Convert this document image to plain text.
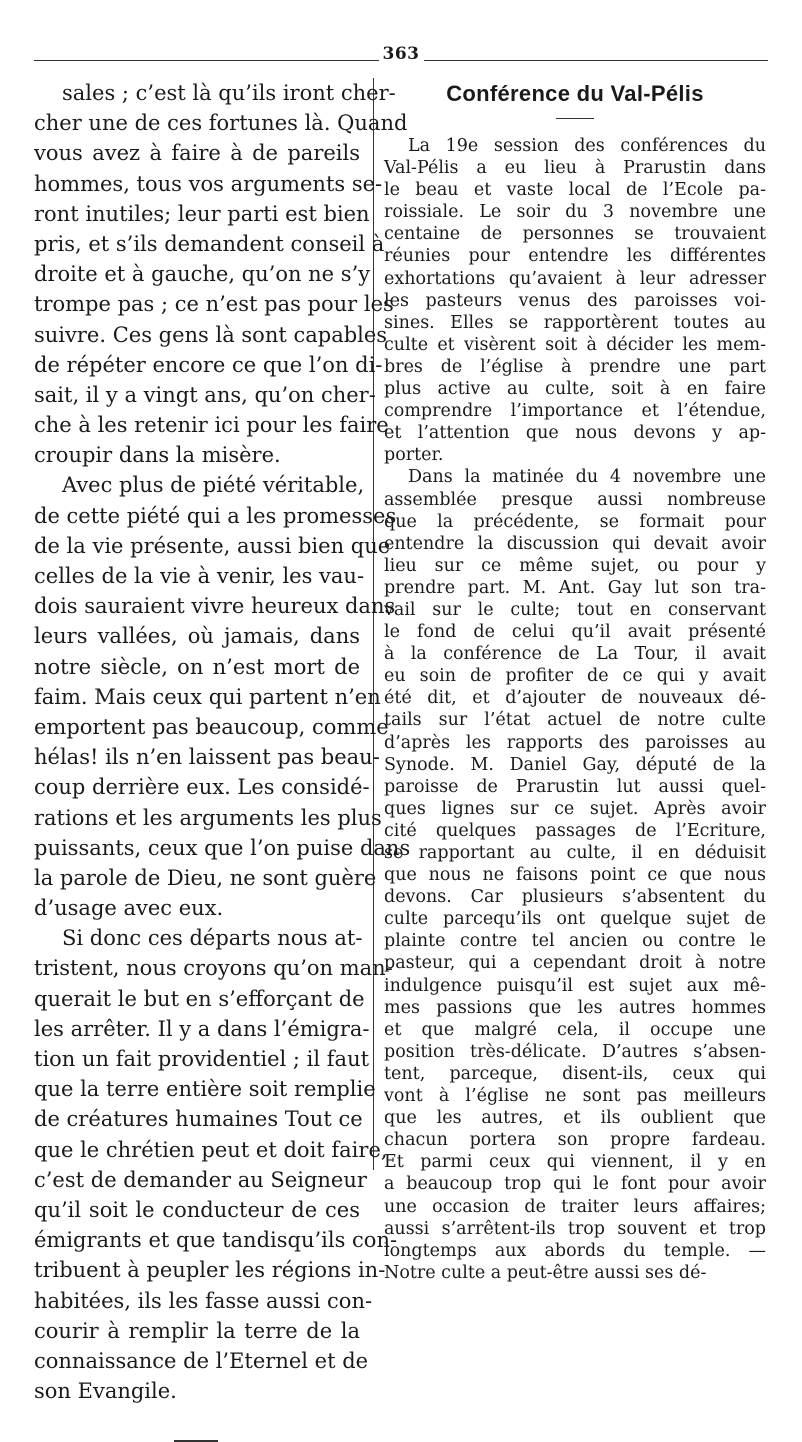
363
sales ; c’est là qu’ils iront cher-
cher une de ces fortunes là. Quand
vous avez à faire à de pareils
hommes, tous vos arguments se-
ront inutiles; leur parti est bien
pris, et s’ils demandent conseil à
droite et à gauche, qu’on ne s’y
trompe pas ; ce n’est pas pour les
suivre. Ces gens là sont capables
de répéter encore ce que l’on di-
sait, il y a vingt ans, qu’on cher-
che à les retenir ici pour les faire
croupir dans la misère.
Avec plus de piété véritable,
de cette piété qui a les promesses
de la vie présente, aussi bien que
celles de la vie à venir, les vau-
dois sauraient vivre heureux dans
leurs vallées, où jamais, dans
notre siècle, on n’est mort de
faim. Mais ceux qui partent n’en
emportent pas beaucoup, comme
hélas! ils n’en laissent pas beau-
coup derrière eux. Les considé-
rations et les arguments les plus
puissants, ceux que l’on puise dans
la parole de Dieu, ne sont guère
d’usage avec eux.
Si donc ces départs nous at-
tristent, nous croyons qu’on man-
querait le but en s’efforçant de
les arrêter. Il y a dans l’émigra-
tion un fait providentiel ; il faut
que la terre entière soit remplie
de créatures humaines Tout ce
que le chrétien peut et doit faire,
c’est de demander au Seigneur
qu’il soit le conducteur de ces
émigrants et que tandisqu’ils con-
tribuent à peupler les régions in-
habitées, ils les fasse aussi con-
courir à remplir la terre de la
connaissance de l’Eternel et de
son Evangile.
Conférence du Val-Pélis
La 19e session des conférences du
Val-Pélis a eu lieu à Prarustin dans
le beau et vaste local de l’Ecole pa-
roissiale. Le soir du 3 novembre une
centaine de personnes se trouvaient
réunies pour entendre les différentes
exhortations qu’avaient à leur adresser
les pasteurs venus des paroisses voi-
sines. Elles se rapportèrent toutes au
culte et visèrent soit à décider les mem-
bres de l’église à prendre une part
plus active au culte, soit à en faire
comprendre l’importance et l’étendue,
et l’attention que nous devons y ap-
porter.
Dans la matinée du 4 novembre une
assemblée presque aussi nombreuse
que la précédente, se formait pour
entendre la discussion qui devait avoir
lieu sur ce même sujet, ou pour y
prendre part. M. Ant. Gay lut son tra-
vail sur le culte; tout en conservant
le fond de celui qu’il avait présenté
à la conférence de La Tour, il avait
eu soin de profiter de ce qui y avait
été dit, et d’ajouter de nouveaux dé-
tails sur l’état actuel de notre culte
d’après les rapports des paroisses au
Synode. M. Daniel Gay, député de la
paroisse de Prarustin lut aussi quel-
ques lignes sur ce sujet. Après avoir
cité quelques passages de l’Ecriture,
se rapportant au culte, il en déduisit
que nous ne faisons point ce que nous
devons. Car plusieurs s’absentent du
culte parcequ’ils ont quelque sujet de
plainte contre tel ancien ou contre le
pasteur, qui a cependant droit à notre
indulgence puisqu’il est sujet aux mê-
mes passions que les autres hommes
et que malgré cela, il occupe une
position très-délicate. D’autres s’absen-
tent, parceque, disent-ils, ceux qui
vont à l’église ne sont pas meilleurs
que les autres, et ils oublient que
chacun portera son propre fardeau.
Et parmi ceux qui viennent, il y en
a beaucoup trop qui le font pour avoir
une occasion de traiter leurs affaires;
aussi s’arrêtent-ils trop souvent et trop
longtemps aux abords du temple. —
Notre culte a peut-être aussi ses dé-
